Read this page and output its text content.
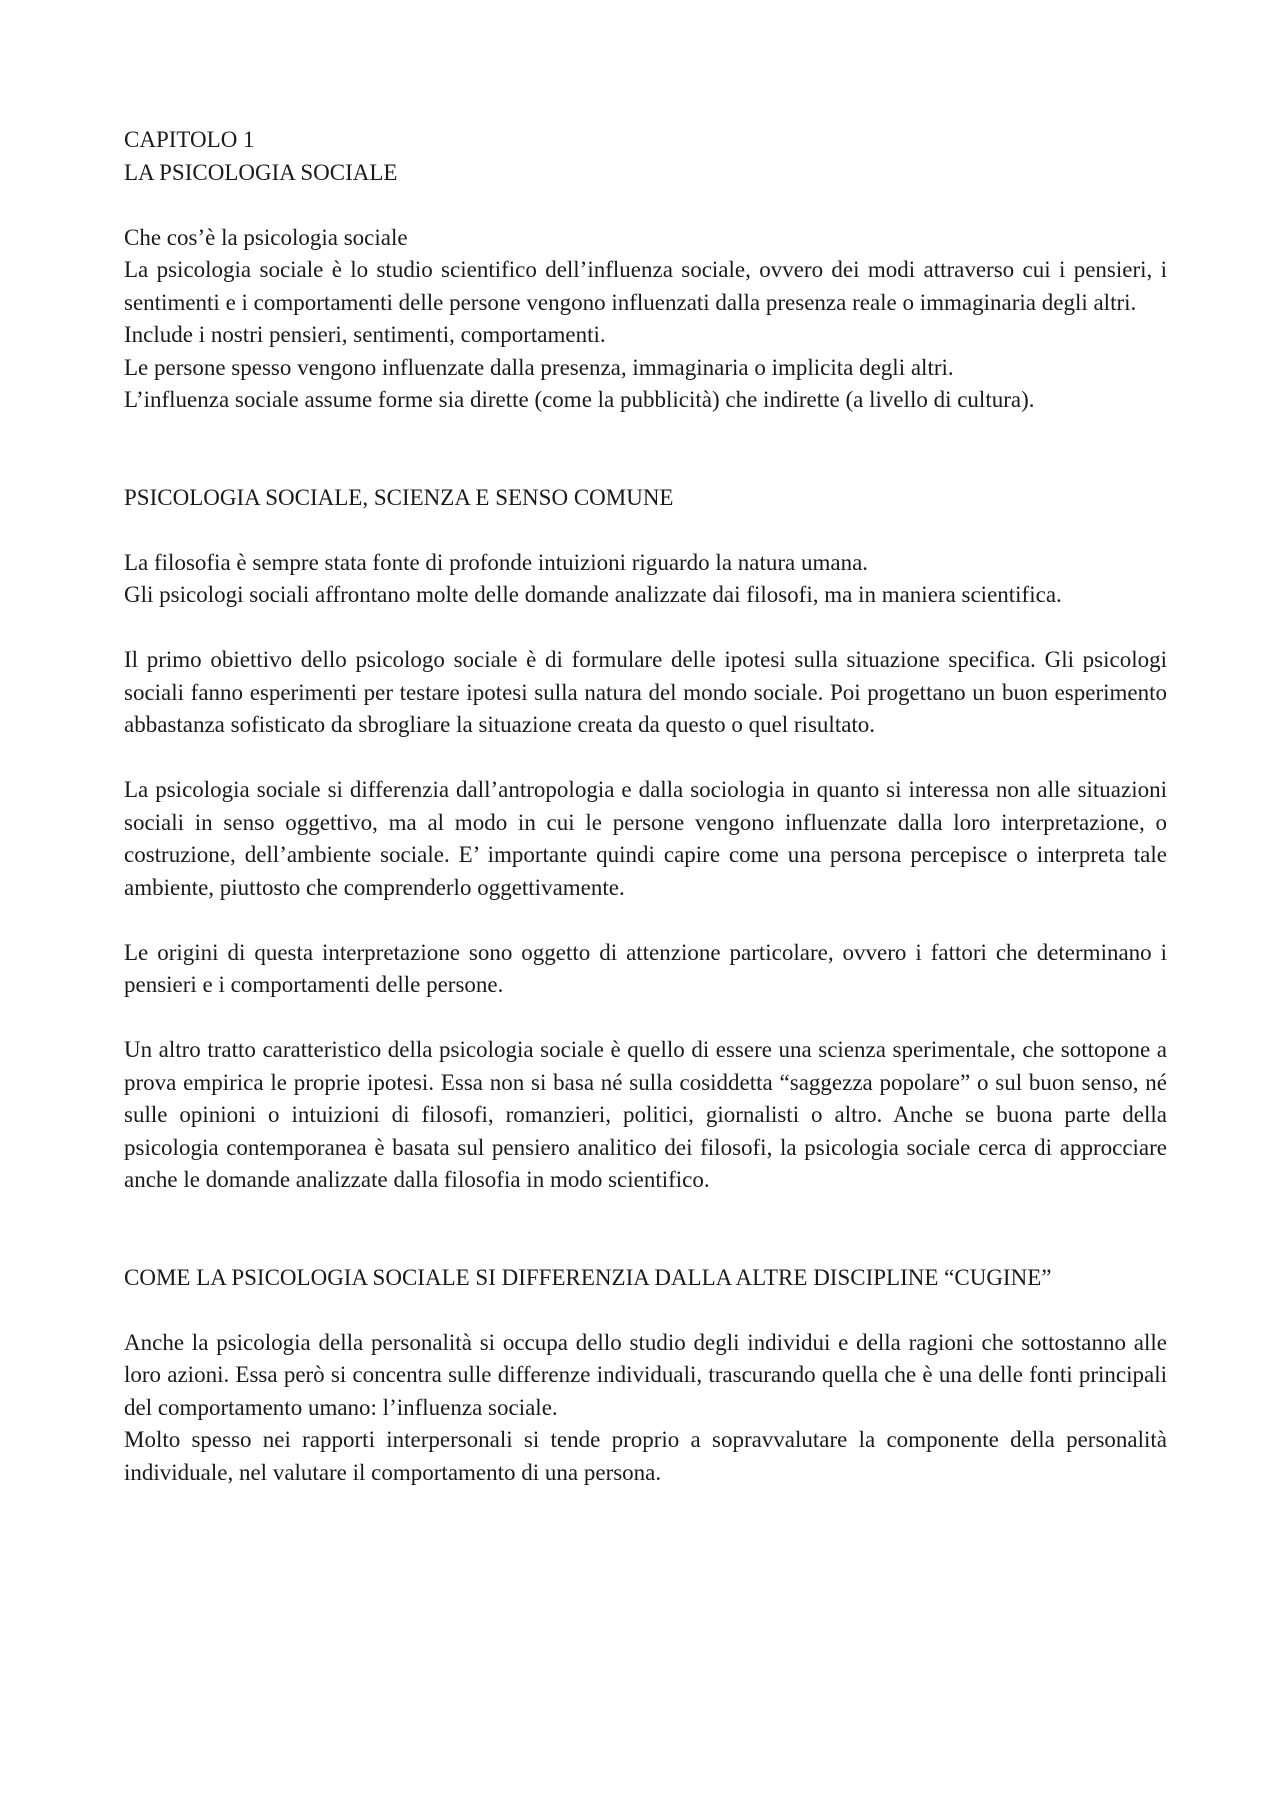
CAPITOLO 1
LA PSICOLOGIA SOCIALE
Che cos’è la psicologia sociale

La psicologia sociale è lo studio scientifico dell’influenza sociale, ovvero dei modi attraverso cui i pensieri, i sentimenti e i comportamenti delle persone vengono influenzati dalla presenza reale o immaginaria degli altri.

Include i nostri pensieri, sentimenti, comportamenti.

Le persone spesso vengono influenzate dalla presenza, immaginaria o implicita degli altri.

L’influenza sociale assume forme sia dirette (come la pubblicità) che indirette (a livello di cultura).

PSICOLOGIA SOCIALE, SCIENZA E SENSO COMUNE

La filosofia è sempre stata fonte di profonde intuizioni riguardo la natura umana.

Gli psicologi sociali affrontano molte delle domande analizzate dai filosofi, ma in maniera scientifica.

Il primo obiettivo dello psicologo sociale è di formulare delle ipotesi sulla situazione specifica. Gli psicologi sociali fanno esperimenti per testare ipotesi sulla natura del mondo sociale. Poi progettano un buon esperimento abbastanza sofisticato da sbrogliare la situazione creata da questo o quel risultato.

La psicologia sociale si differenzia dall’antropologia e dalla sociologia in quanto si interessa non alle situazioni sociali in senso oggettivo, ma al modo in cui le persone vengono influenzate dalla loro interpretazione, o costruzione, dell’ambiente sociale. E’ importante quindi capire come una persona percepisce o interpreta tale ambiente, piuttosto che comprenderlo oggettivamente.

Le origini di questa interpretazione sono oggetto di attenzione particolare, ovvero i fattori che determinano i pensieri e i comportamenti delle persone.

Un altro tratto caratteristico della psicologia sociale è quello di essere una scienza sperimentale, che sottopone a prova empirica le proprie ipotesi. Essa non si basa né sulla cosiddetta “saggezza popolare” o sul buon senso, né sulle opinioni o intuizioni di filosofi, romanzieri, politici, giornalisti o altro. Anche se buona parte della psicologia contemporanea è basata sul pensiero analitico dei filosofi, la psicologia sociale cerca di approcciare anche le domande analizzate dalla filosofia in modo scientifico.

COME LA PSICOLOGIA SOCIALE SI DIFFERENZIA DALLA ALTRE DISCIPLINE “CUGINE”

Anche la psicologia della personalità si occupa dello studio degli individui e della ragioni che sottostanno alle loro azioni. Essa però si concentra sulle differenze individuali, trascurando quella che è una delle fonti principali del comportamento umano: l’influenza sociale.

Molto spesso nei rapporti interpersonali si tende proprio a sopravvalutare la componente della personalità individuale, nel valutare il comportamento di una persona.
